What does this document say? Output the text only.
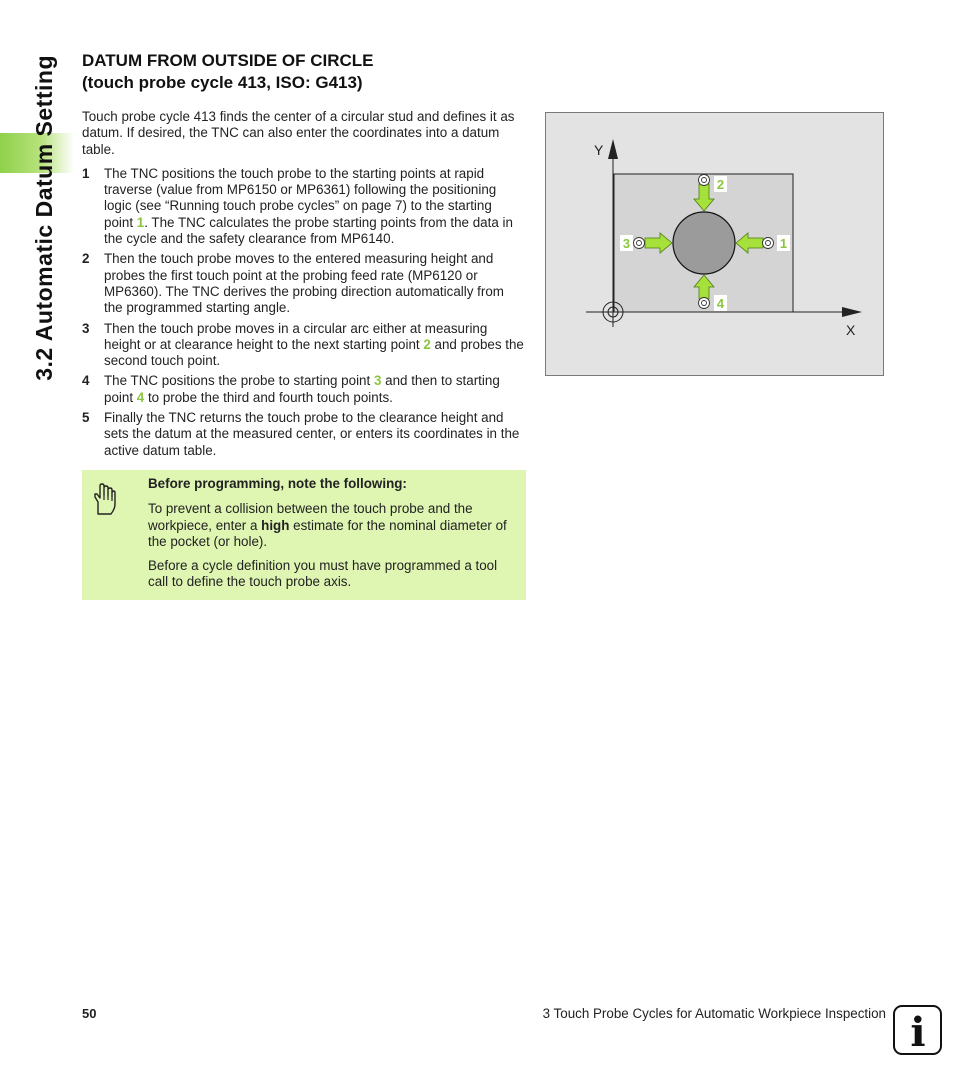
3.2 Automatic Datum Setting DATUM FROM OUTSIDE OF CIRCLE
(touch probe cycle 413, ISO: G413)

Touch probe cycle 413 finds the center of a circular stud and defines it as datum. If desired, the TNC can also enter the coordinates into a datum table.

1 The TNC positions the touch probe to the starting points at rapid traverse (value from MP6150 or MP6361) following the positioning logic (see “Running touch probe cycles” on page 7) to the starting point 1. The TNC calculates the probe starting points from the data in the cycle and the safety clearance from MP6140.
2 Then the touch probe moves to the entered measuring height and probes the first touch point at the probing feed rate (MP6120 or MP6360). The TNC derives the probing direction automatically from the programmed starting angle.
3 Then the touch probe moves in a circular arc either at measuring height or at clearance height to the next starting point 2 and probes the second touch point.
4 The TNC positions the probe to starting point 3 and then to starting point 4 to probe the third and fourth touch points.
5 Finally the TNC returns the touch probe to the clearance height and sets the datum at the measured center, or enters its coordinates in the active datum table.

Before programming, note the following:

To prevent a collision between the touch probe and the workpiece, enter a high estimate for the nominal diameter of the pocket (or hole).

Before a cycle definition you must have programmed a tool call to define the touch probe axis.

Y
X
1
2
3
4
50	3 Touch Probe Cycles for Automatic Workpiece Inspection i
